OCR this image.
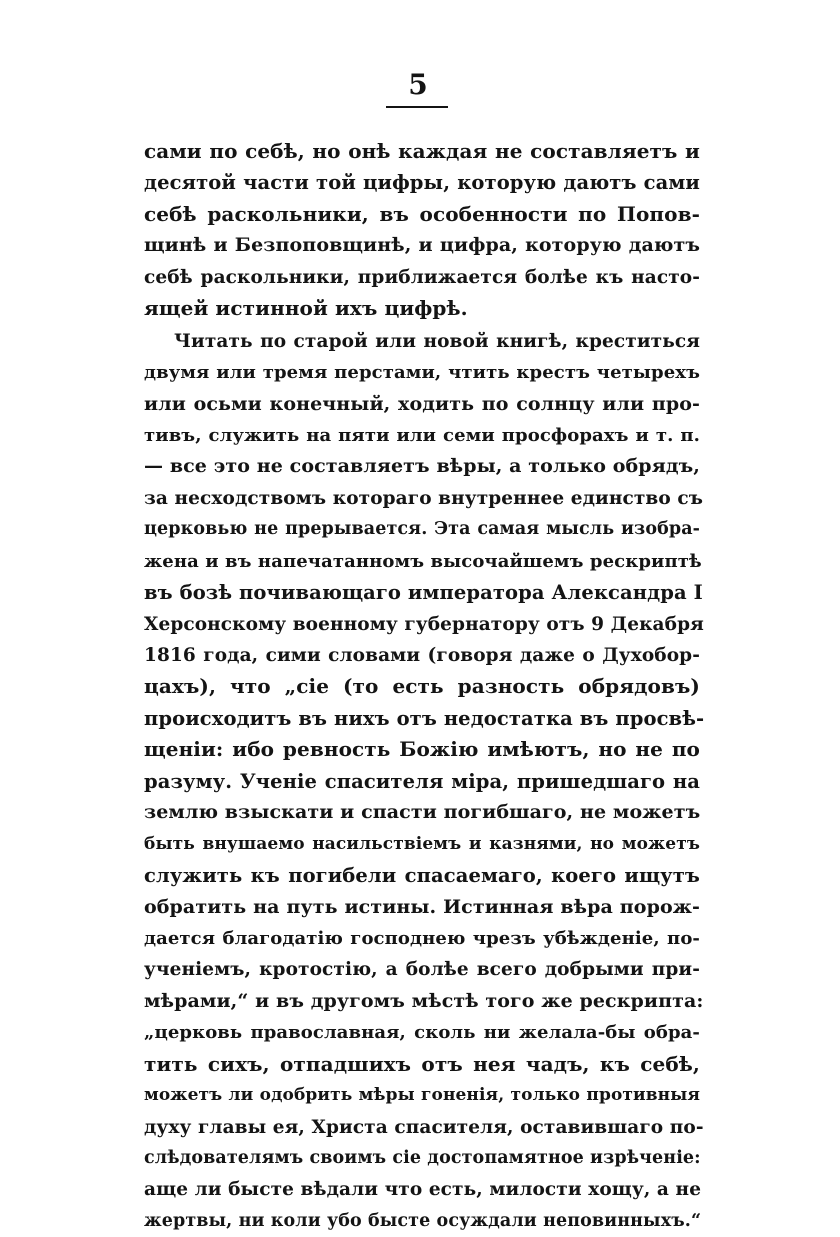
5
сами по себѣ, но онѣ каждая не составляетъ и
десятой части той цифры, которую даютъ сами
себѣ раскольники, въ особенности по Попов-
щинѣ и Безпоповщинѣ, и цифра, которую даютъ
себѣ раскольники, приближается болѣе къ насто-
ящей истинной ихъ цифрѣ.
Читать по старой или новой книгѣ, креститься
двумя или тремя перстами, чтить крестъ четырехъ
или осьми конечный, ходить по солнцу или про-
тивъ, служить на пяти или семи просфорахъ и т. п.
— все это не составляетъ вѣры, а только обрядъ,
за несходствомъ котораго внутреннее единство съ
церковью не прерывается. Эта самая мысль изобра-
жена и въ напечатанномъ высочайшемъ рескриптѣ
въ бозѣ почивающаго императора Александра I
Херсонскому военному губернатору отъ 9 Декабря
1816 года, сими словами (говоря даже о Духобор-
цахъ), что „сіе (то есть разность обрядовъ)
происходитъ въ нихъ отъ недостатка въ просвѣ-
щеніи: ибо ревность Божію имѣютъ, но не по
разуму. Ученіе спасителя міра, пришедшаго на
землю взыскати и спасти погибшаго, не можетъ
быть внушаемо насильствіемъ и казнями, но можетъ
служить къ погибели спасаемаго, коего ищутъ
обратить на путь истины. Истинная вѣра порож-
дается благодатію господнею чрезъ убѣжденіе, по-
ученіемъ, кротостію, а болѣе всего добрыми при-
мѣрами,“ и въ другомъ мѣстѣ того же рескрипта:
„церковь православная, сколь ни желала-бы обра-
тить сихъ, отпадшихъ отъ нея чадъ, къ себѣ,
можетъ ли одобрить мѣры гоненія, только противныя
духу главы ея, Христа спасителя, оставившаго по-
слѣдователямъ своимъ сіе достопамятное изрѣченіе:
аще ли бысте вѣдали что есть, милости хощу, а не
жертвы, ни коли убо бысте осуждали неповинныхъ.“
